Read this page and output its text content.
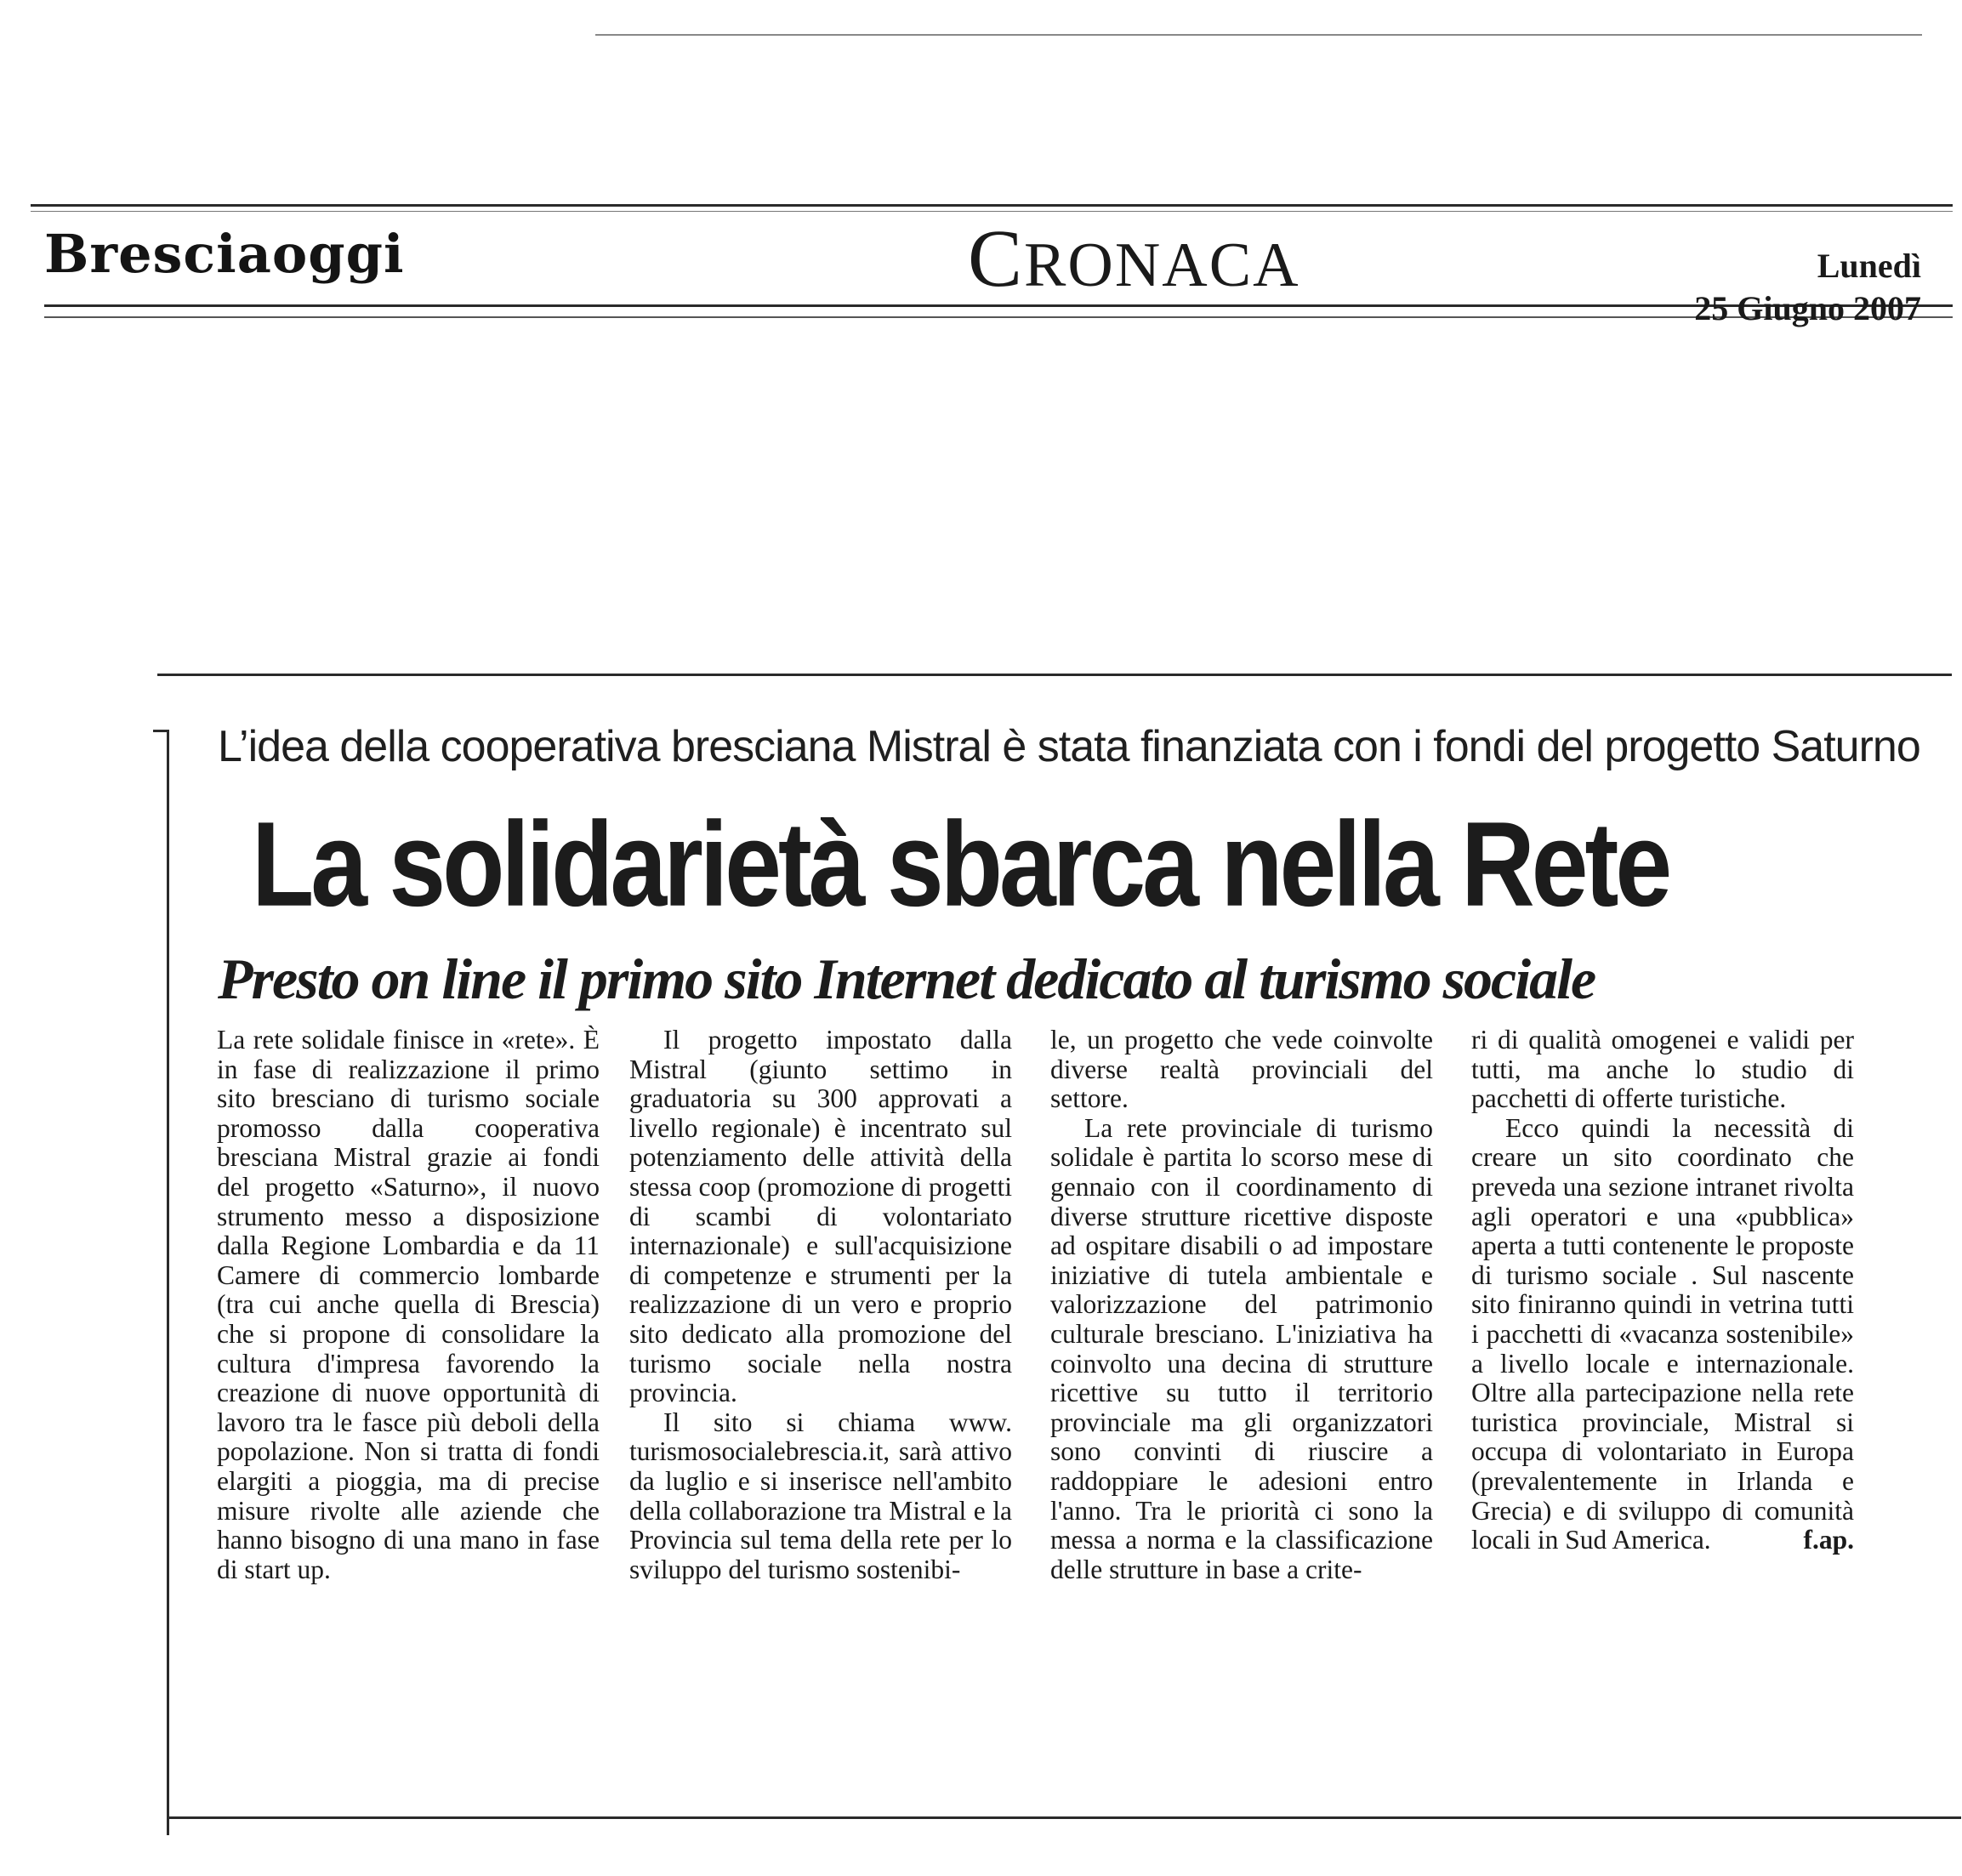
Bresciaoggi	CRONACA	Lunedì
25 Giugno 2007
L’idea della cooperativa bresciana Mistral è stata finanziata con i fondi del progetto Saturno
La solidarietà sbarca nella Rete
Presto on line il primo sito Internet dedicato al turismo sociale

La rete solidale finisce in «rete». È in fase di realizzazione il primo sito bresciano di turismo sociale promosso dalla cooperativa bresciana Mistral grazie ai fondi del progetto «Saturno», il nuovo strumento messo a disposizione dalla Regione Lombardia e da 11 Camere di commercio lombarde (tra cui anche quella di Brescia) che si propone di consolidare la cultura d'impresa favorendo la creazione di nuove opportunità di lavoro tra le fasce più deboli della popolazione. Non si tratta di fondi elargiti a pioggia, ma di precise misure rivolte alle aziende che hanno bisogno di una mano in fase di start up.

Il progetto impostato dalla Mistral (giunto settimo in graduatoria su 300 approvati a livello regionale) è incentrato sul potenziamento delle attività della stessa coop (promozione di progetti di scambi di volontariato internazionale) e sull'acquisizione di competenze e strumenti per la realizzazione di un vero e proprio sito dedicato alla promozione del turismo sociale nella nostra provincia.

Il sito si chiama www. turismosocialebrescia.it, sarà attivo da luglio e si inserisce nell'ambito della collaborazione tra Mistral e la Provincia sul tema della rete per lo sviluppo del turismo sostenibi-

le, un progetto che vede coinvolte diverse realtà provinciali del settore.

La rete provinciale di turismo solidale è partita lo scorso mese di gennaio con il coordinamento di diverse strutture ricettive disposte ad ospitare disabili o ad impostare iniziative di tutela ambientale e valorizzazione del patrimonio culturale bresciano. L'iniziativa ha coinvolto una decina di strutture ricettive su tutto il territorio provinciale ma gli organizzatori sono convinti di riuscire a raddoppiare le adesioni entro l'anno. Tra le priorità ci sono la messa a norma e la classificazione delle strutture in base a crite-

ri di qualità omogenei e validi per tutti, ma anche lo studio di pacchetti di offerte turistiche.

Ecco quindi la necessità di creare un sito coordinato che preveda una sezione intranet rivolta agli operatori e una «pubblica» aperta a tutti contenente le proposte di turismo sociale . Sul nascente sito finiranno quindi in vetrina tutti i pacchetti di «vacanza sostenibile» a livello locale e internazionale. Oltre alla partecipazione nella rete turistica provinciale, Mistral si occupa di volontariato in Europa (prevalentemente in Irlanda e Grecia) e di sviluppo di comunità locali in Sud America.	f.ap.
